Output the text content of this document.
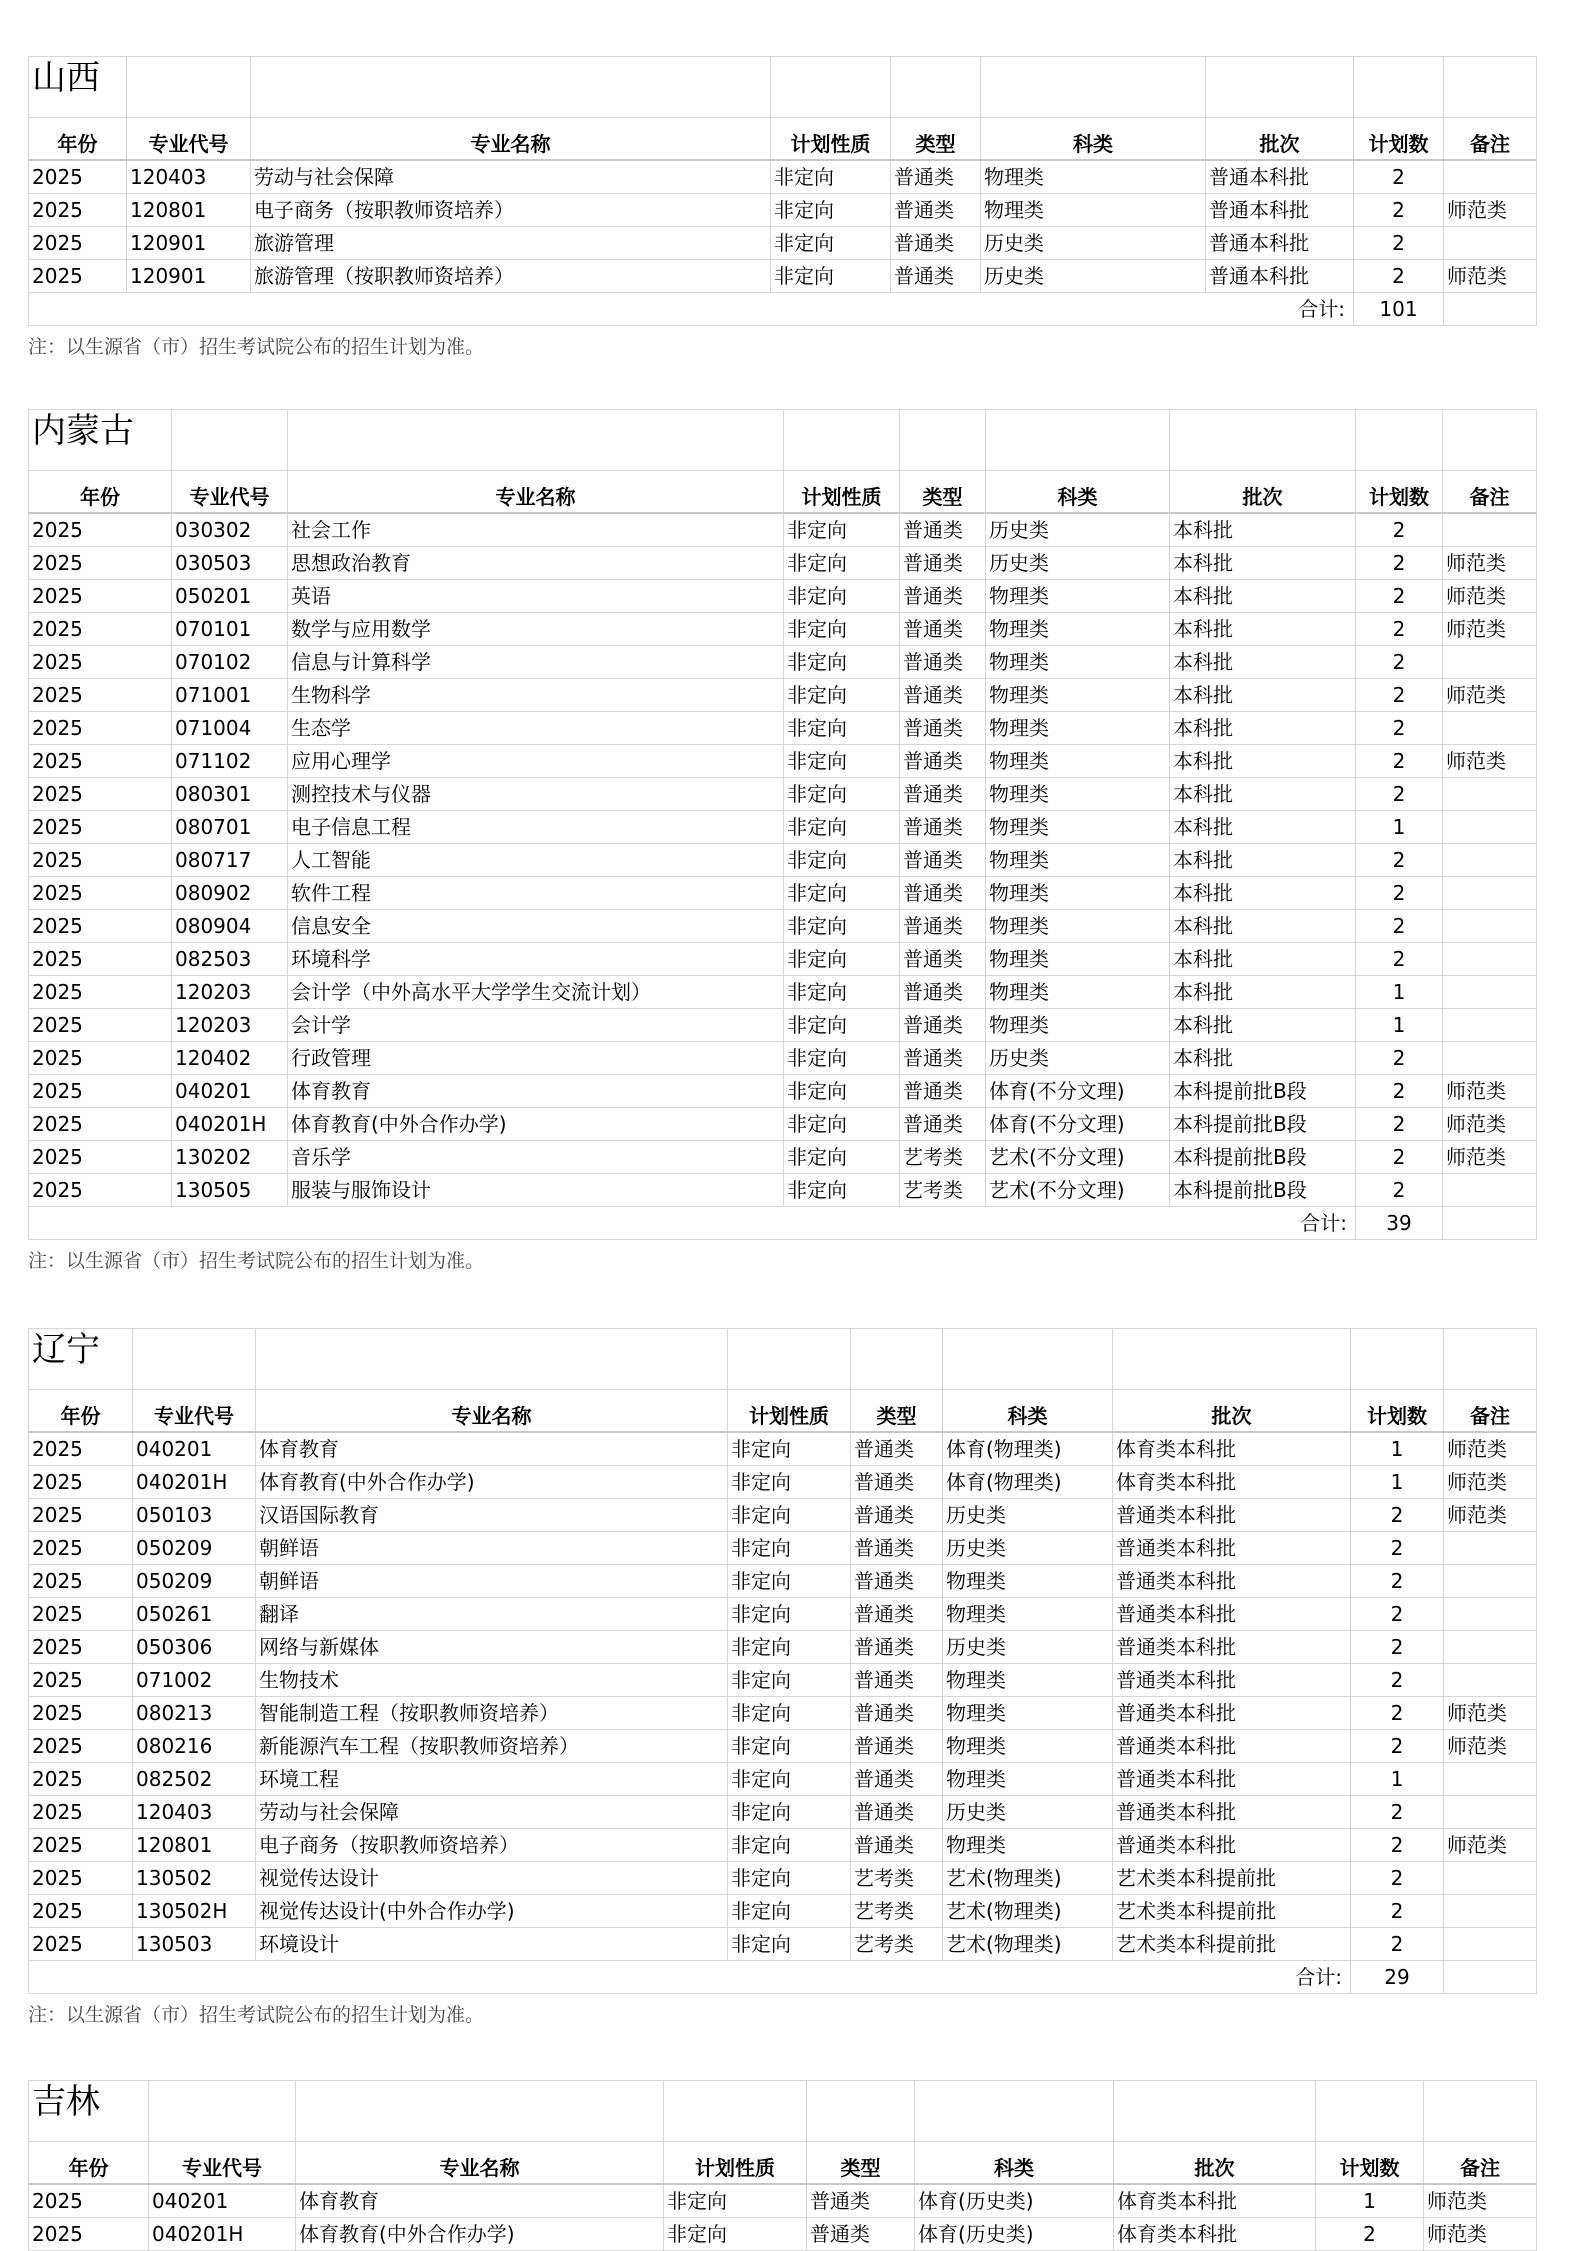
山西								
年份	专业代号	专业名称	计划性质	类型	科类	批次	计划数	备注
2025	120403	劳动与社会保障	非定向	普通类	物理类	普通本科批	2	
2025	120801	电子商务（按职教师资培养）	非定向	普通类	物理类	普通本科批	2	师范类
2025	120901	旅游管理	非定向	普通类	历史类	普通本科批	2	
2025	120901	旅游管理（按职教师资培养）	非定向	普通类	历史类	普通本科批	2	师范类
合计:							101	
注：以生源省（市）招生考试院公布的招生计划为准。
内蒙古								
年份	专业代号	专业名称	计划性质	类型	科类	批次	计划数	备注
2025	030302	社会工作	非定向	普通类	历史类	本科批	2	
2025	030503	思想政治教育	非定向	普通类	历史类	本科批	2	师范类
2025	050201	英语	非定向	普通类	物理类	本科批	2	师范类
2025	070101	数学与应用数学	非定向	普通类	物理类	本科批	2	师范类
2025	070102	信息与计算科学	非定向	普通类	物理类	本科批	2	
2025	071001	生物科学	非定向	普通类	物理类	本科批	2	师范类
2025	071004	生态学	非定向	普通类	物理类	本科批	2	
2025	071102	应用心理学	非定向	普通类	物理类	本科批	2	师范类
2025	080301	测控技术与仪器	非定向	普通类	物理类	本科批	2	
2025	080701	电子信息工程	非定向	普通类	物理类	本科批	1	
2025	080717	人工智能	非定向	普通类	物理类	本科批	2	
2025	080902	软件工程	非定向	普通类	物理类	本科批	2	
2025	080904	信息安全	非定向	普通类	物理类	本科批	2	
2025	082503	环境科学	非定向	普通类	物理类	本科批	2	
2025	120203	会计学（中外高水平大学学生交流计划）	非定向	普通类	物理类	本科批	1	
2025	120203	会计学	非定向	普通类	物理类	本科批	1	
2025	120402	行政管理	非定向	普通类	历史类	本科批	2	
2025	040201	体育教育	非定向	普通类	体育(不分文理)	本科提前批B段	2	师范类
2025	040201H	体育教育(中外合作办学)	非定向	普通类	体育(不分文理)	本科提前批B段	2	师范类
2025	130202	音乐学	非定向	艺考类	艺术(不分文理)	本科提前批B段	2	师范类
2025	130505	服装与服饰设计	非定向	艺考类	艺术(不分文理)	本科提前批B段	2	
合计:							39	
注：以生源省（市）招生考试院公布的招生计划为准。
辽宁								
年份	专业代号	专业名称	计划性质	类型	科类	批次	计划数	备注
2025	040201	体育教育	非定向	普通类	体育(物理类)	体育类本科批	1	师范类
2025	040201H	体育教育(中外合作办学)	非定向	普通类	体育(物理类)	体育类本科批	1	师范类
2025	050103	汉语国际教育	非定向	普通类	历史类	普通类本科批	2	师范类
2025	050209	朝鲜语	非定向	普通类	历史类	普通类本科批	2	
2025	050209	朝鲜语	非定向	普通类	物理类	普通类本科批	2	
2025	050261	翻译	非定向	普通类	物理类	普通类本科批	2	
2025	050306	网络与新媒体	非定向	普通类	历史类	普通类本科批	2	
2025	071002	生物技术	非定向	普通类	物理类	普通类本科批	2	
2025	080213	智能制造工程（按职教师资培养）	非定向	普通类	物理类	普通类本科批	2	师范类
2025	080216	新能源汽车工程（按职教师资培养）	非定向	普通类	物理类	普通类本科批	2	师范类
2025	082502	环境工程	非定向	普通类	物理类	普通类本科批	1	
2025	120403	劳动与社会保障	非定向	普通类	历史类	普通类本科批	2	
2025	120801	电子商务（按职教师资培养）	非定向	普通类	物理类	普通类本科批	2	师范类
2025	130502	视觉传达设计	非定向	艺考类	艺术(物理类)	艺术类本科提前批	2	
2025	130502H	视觉传达设计(中外合作办学)	非定向	艺考类	艺术(物理类)	艺术类本科提前批	2	
2025	130503	环境设计	非定向	艺考类	艺术(物理类)	艺术类本科提前批	2	
合计:							29	
注：以生源省（市）招生考试院公布的招生计划为准。
吉林								
年份	专业代号	专业名称	计划性质	类型	科类	批次	计划数	备注
2025	040201	体育教育	非定向	普通类	体育(历史类)	体育类本科批	1	师范类
2025	040201H	体育教育(中外合作办学)	非定向	普通类	体育(历史类)	体育类本科批	2	师范类
